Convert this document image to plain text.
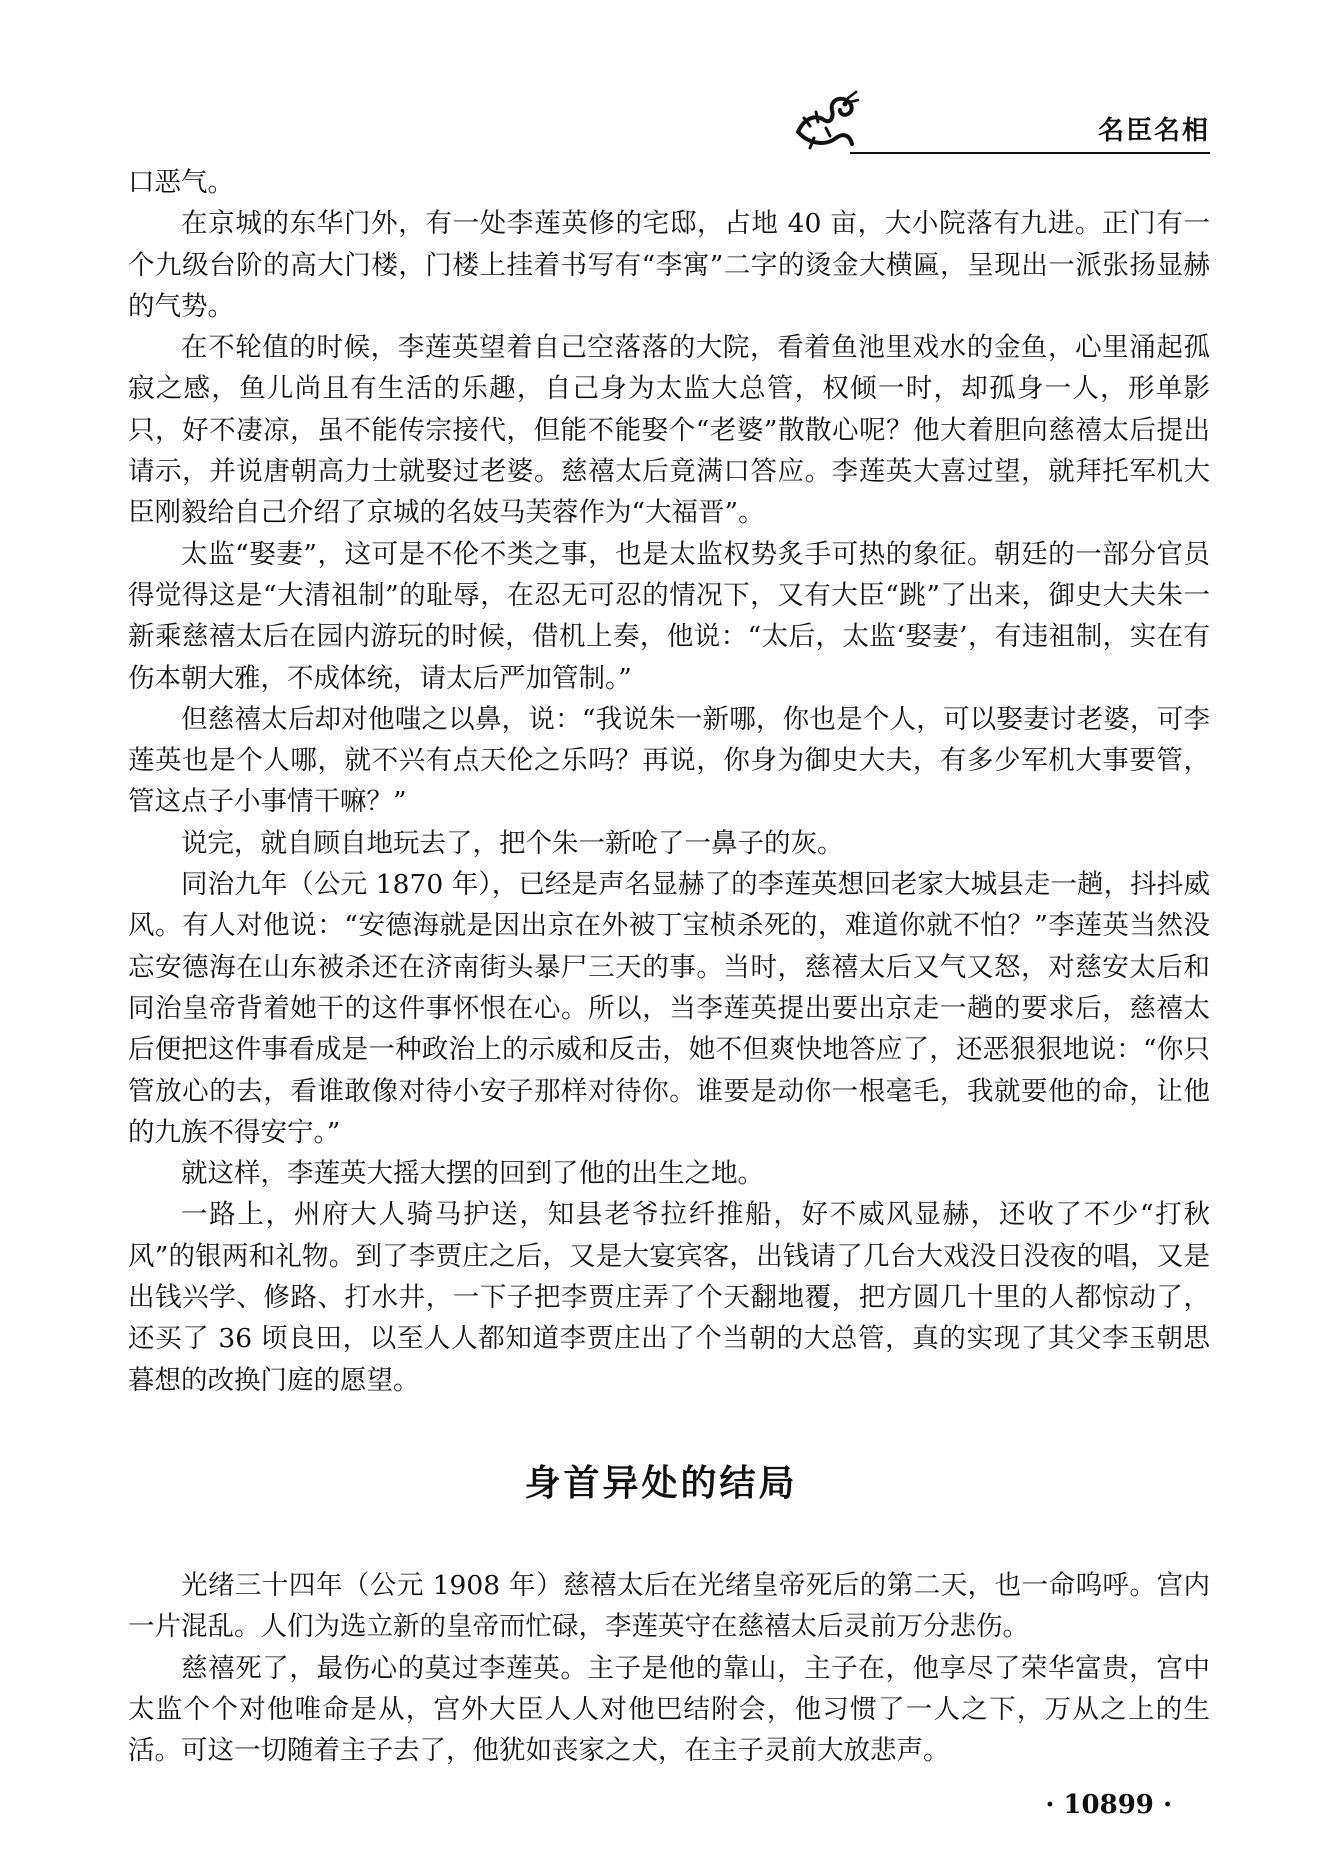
名臣名相

口恶气。

在京城的东华门外，有一处李莲英修的宅邸，占地 40 亩，大小院落有九进。正门有一个九级台阶的高大门楼，门楼上挂着书写有“李寓”二字的烫金大横匾，呈现出一派张扬显赫的气势。

在不轮值的时候，李莲英望着自己空落落的大院，看着鱼池里戏水的金鱼，心里涌起孤寂之感，鱼儿尚且有生活的乐趣，自己身为太监大总管，权倾一时，却孤身一人，形单影只，好不凄凉，虽不能传宗接代，但能不能娶个“老婆”散散心呢？他大着胆向慈禧太后提出请示，并说唐朝高力士就娶过老婆。慈禧太后竟满口答应。李莲英大喜过望，就拜托军机大臣刚毅给自己介绍了京城的名妓马芙蓉作为“大福晋”。

太监“娶妻”，这可是不伦不类之事，也是太监权势炙手可热的象征。朝廷的一部分官员得觉得这是“大清祖制”的耻辱，在忍无可忍的情况下，又有大臣“跳”了出来，御史大夫朱一新乘慈禧太后在园内游玩的时候，借机上奏，他说：“太后，太监‘娶妻’，有违祖制，实在有伤本朝大雅，不成体统，请太后严加管制。”

但慈禧太后却对他嗤之以鼻，说：“我说朱一新哪，你也是个人，可以娶妻讨老婆，可李莲英也是个人哪，就不兴有点天伦之乐吗？再说，你身为御史大夫，有多少军机大事要管，管这点子小事情干嘛？”

说完，就自顾自地玩去了，把个朱一新呛了一鼻子的灰。

同治九年（公元 1870 年），已经是声名显赫了的李莲英想回老家大城县走一趟，抖抖威风。有人对他说：“安德海就是因出京在外被丁宝桢杀死的，难道你就不怕？”李莲英当然没忘安德海在山东被杀还在济南街头暴尸三天的事。当时，慈禧太后又气又怒，对慈安太后和同治皇帝背着她干的这件事怀恨在心。所以，当李莲英提出要出京走一趟的要求后，慈禧太后便把这件事看成是一种政治上的示威和反击，她不但爽快地答应了，还恶狠狠地说：“你只管放心的去，看谁敢像对待小安子那样对待你。谁要是动你一根毫毛，我就要他的命，让他的九族不得安宁。”

就这样，李莲英大摇大摆的回到了他的出生之地。

一路上，州府大人骑马护送，知县老爷拉纤推船，好不威风显赫，还收了不少“打秋风”的银两和礼物。到了李贾庄之后，又是大宴宾客，出钱请了几台大戏没日没夜的唱，又是出钱兴学、修路、打水井，一下子把李贾庄弄了个天翻地覆，把方圆几十里的人都惊动了，还买了 36 顷良田，以至人人都知道李贾庄出了个当朝的大总管，真的实现了其父李玉朝思暮想的改换门庭的愿望。

身首异处的结局

光绪三十四年（公元 1908 年）慈禧太后在光绪皇帝死后的第二天，也一命呜呼。宫内一片混乱。人们为选立新的皇帝而忙碌，李莲英守在慈禧太后灵前万分悲伤。

慈禧死了，最伤心的莫过李莲英。主子是他的靠山，主子在，他享尽了荣华富贵，宫中太监个个对他唯命是从，宫外大臣人人对他巴结附会，他习惯了一人之下，万从之上的生活。可这一切随着主子去了，他犹如丧家之犬，在主子灵前大放悲声。

· 10899 ·
